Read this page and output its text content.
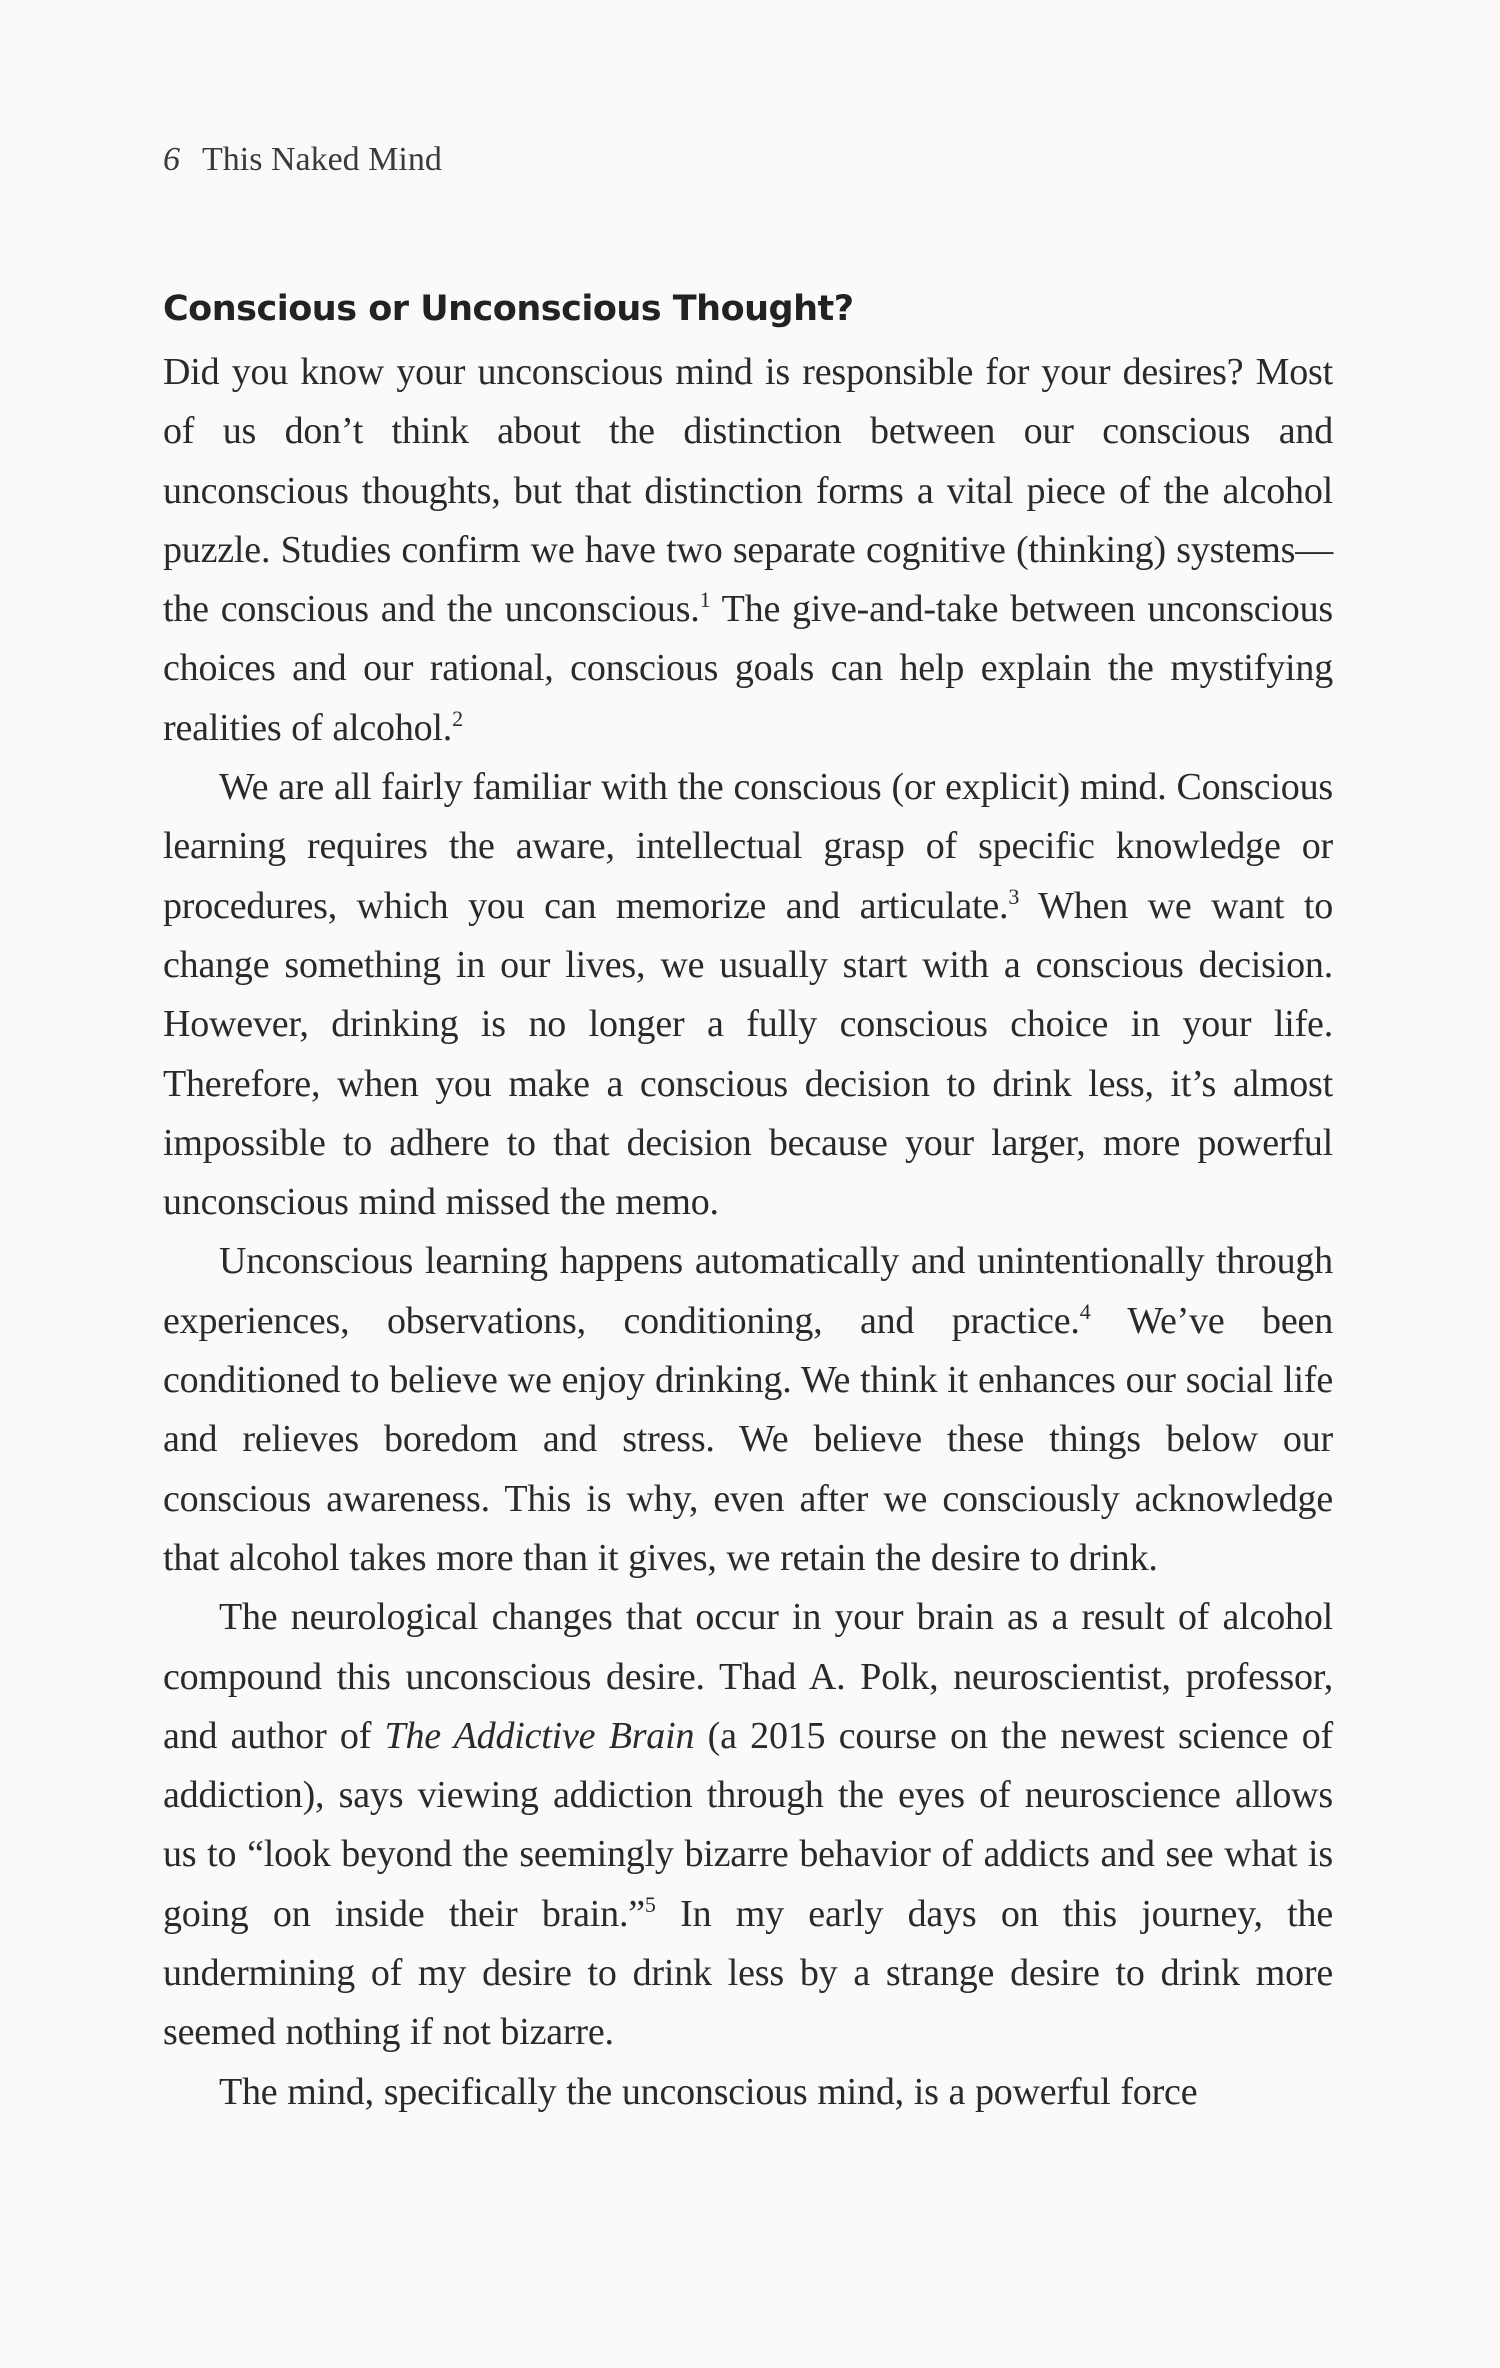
6 This Naked Mind
Conscious or Unconscious Thought?

Did you know your unconscious mind is responsible for your desires? Most of us don’t think about the distinction between our conscious and unconscious thoughts, but that distinction forms a vital piece of the alcohol puzzle. Studies confirm we have two separate cognitive (thinking) systems—the conscious and the unconscious.$^1$ The give-and-take between unconscious choices and our rational, conscious goals can help explain the mystifying realities of alcohol.$^2$

We are all fairly familiar with the conscious (or explicit) mind. Conscious learning requires the aware, intellectual grasp of specific knowledge or procedures, which you can memorize and articulate.$^3$ When we want to change something in our lives, we usually start with a conscious decision. However, drinking is no longer a fully conscious choice in your life. Therefore, when you make a conscious decision to drink less, it’s almost impossible to adhere to that decision because your larger, more powerful unconscious mind missed the memo.

Unconscious learning happens automatically and unintentionally through experiences, observations, conditioning, and practice.$^4$ We’ve been conditioned to believe we enjoy drinking. We think it enhances our social life and relieves boredom and stress. We believe these things below our conscious awareness. This is why, even after we consciously acknowledge that alcohol takes more than it gives, we retain the desire to drink.

The neurological changes that occur in your brain as a result of alcohol compound this unconscious desire. Thad A. Polk, neuroscientist, professor, and author of The Addictive Brain (a 2015 course on the newest science of addiction), says viewing addiction through the eyes of neuroscience allows us to “look beyond the seemingly bizarre behavior of addicts and see what is going on inside their brain.”$^5$ In my early days on this journey, the undermining of my desire to drink less by a strange desire to drink more seemed nothing if not bizarre.

The mind, specifically the unconscious mind, is a powerful force
